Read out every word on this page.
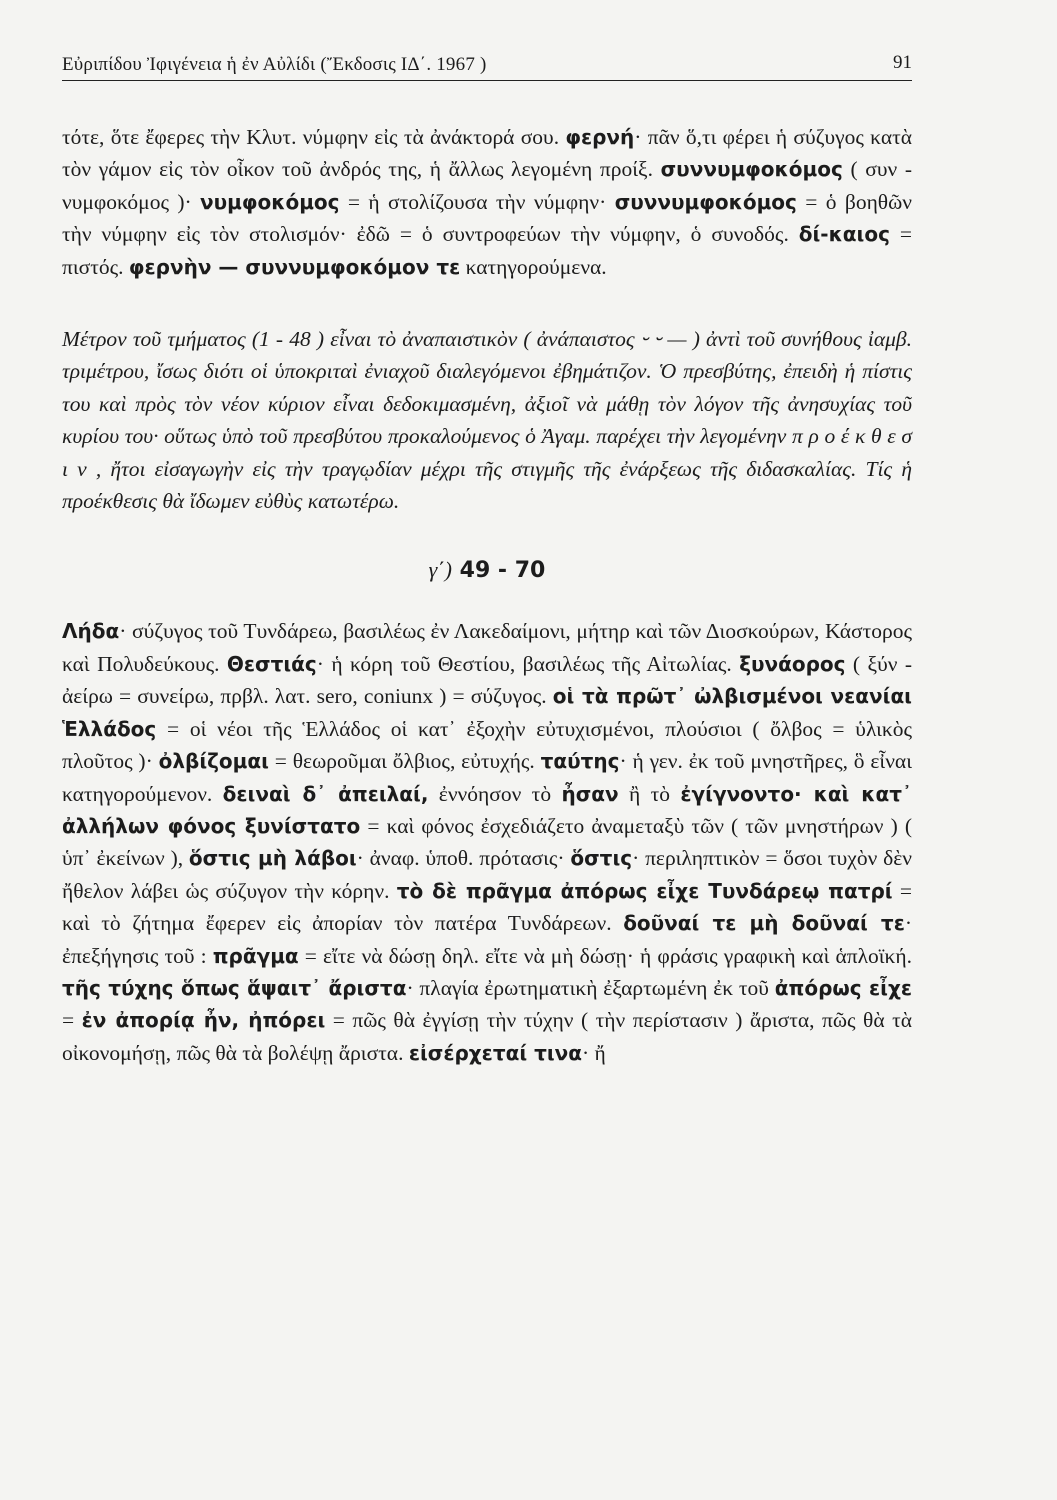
Εὐριπίδου Ἰφιγένεια ἡ ἐν Αὐλίδι (Ἔκδοσις ΙΔ΄. 1967 )	91

τότε, ὅτε ἔφερες τὴν Κλυτ. νύμφην εἰς τὰ ἀνάκτορά σου. φερνή· πᾶν ὅ,τι φέρει ἡ σύζυγος κατὰ τὸν γάμον εἰς τὸν οἶκον τοῦ ἀνδρός της, ἡ ἄλλως λεγομένη προίξ. συννυμφοκόμος ( συν - νυμφοκόμος )· νυμφοκόμος = ἡ στολίζουσα τὴν νύμφην· συννυμφοκόμος = ὁ βοηθῶν τὴν νύμφην εἰς τὸν στολισμόν· ἐδῶ = ὁ συντροφεύων τὴν νύμφην, ὁ συνοδός. δί-καιος = πιστός. φερνὴν — συννυμφοκόμον τε κατηγορούμενα.

Μέτρον τοῦ τμήματος (1 - 48 ) εἶναι τὸ ἀναπαιστικὸν ( ἀνάπαιστος ⏑ ⏑ — ) ἀντὶ τοῦ συνήθους ἰαμβ. τριμέτρου, ἴσως διότι οἱ ὑποκριταὶ ἐνιαχοῦ διαλεγόμενοι ἐβημάτιζον. Ὁ πρεσβύτης, ἐπειδὴ ἡ πίστις του καὶ πρὸς τὸν νέον κύριον εἶναι δεδοκιμασμένη, ἀξιοῖ νὰ μάθῃ τὸν λόγον τῆς ἀνησυχίας τοῦ κυρίου του· οὕτως ὑπὸ τοῦ πρεσβύτου προκαλούμενος ὁ Ἀγαμ. παρέχει τὴν λεγομένην π ρ ο έ κ θ ε σ ι ν , ἤτοι εἰσαγωγὴν εἰς τὴν τραγῳδίαν μέχρι τῆς στιγμῆς τῆς ἐνάρξεως τῆς διδασκαλίας. Τίς ἡ προέκθεσις θὰ ἴδωμεν εὐθὺς κατωτέρω.

γ΄) 49 - 70

Λήδα· σύζυγος τοῦ Τυνδάρεω, βασιλέως ἐν Λακεδαίμονι, μήτηρ καὶ τῶν Διοσκούρων, Κάστορος καὶ Πολυδεύκους. Θεστιάς· ἡ κόρη τοῦ Θεστίου, βασιλέως τῆς Αἰτωλίας. ξυνάορος ( ξύν - ἀείρω = συνείρω, πρβλ. λατ. sero, coniunx ) = σύζυγος. οἱ τὰ πρῶτ᾽ ὠλβισμένοι νεανίαι Ἑλλάδος = οἱ νέοι τῆς Ἑλλάδος οἱ κατ᾽ ἐξοχὴν εὐτυχισμένοι, πλούσιοι ( ὄλβος = ὑλικὸς πλοῦτος )· ὀλβίζομαι = θεωροῦμαι ὄλβιος, εὐτυχής. ταύτης· ἡ γεν. ἐκ τοῦ μνηστῆρες, ὃ εἶναι κατηγορούμενον. δειναὶ δ᾽ ἀπειλαί, ἐννόησον τὸ ἦσαν ἢ τὸ ἐγίγνοντο· καὶ κατ᾽ ἀλλήλων φόνος ξυνίστατο = καὶ φόνος ἐσχεδιάζετο ἀναμεταξὺ τῶν ( τῶν μνηστήρων ) ( ὑπ᾽ ἐκείνων ), ὅστις μὴ λάβοι· ἀναφ. ὑποθ. πρότασις· ὅστις· περιληπτικὸν = ὅσοι τυχὸν δὲν ἤθελον λάβει ὡς σύζυγον τὴν κόρην. τὸ δὲ πρᾶγμα ἀπόρως εἶχε Τυνδάρεῳ πατρί = καὶ τὸ ζήτημα ἔφερεν εἰς ἀπορίαν τὸν πατέρα Τυνδάρεων. δοῦναί τε μὴ δοῦναί τε· ἐπεξήγησις τοῦ : πρᾶγμα = εἴτε νὰ δώσῃ δηλ. εἴτε νὰ μὴ δώσῃ· ἡ φράσις γραφικὴ καὶ ἁπλοϊκή. τῆς τύχης ὅπως ἅψαιτ᾽ ἄριστα· πλαγία ἐρωτηματικὴ ἐξαρτωμένη ἐκ τοῦ ἀπόρως εἶχε = ἐν ἀπορίᾳ ἦν, ἠπόρει = πῶς θὰ ἐγγίσῃ τὴν τύχην ( τὴν περίστασιν ) ἄριστα, πῶς θὰ τὰ οἰκονομήσῃ, πῶς θὰ τὰ βολέψῃ ἄριστα. εἰσέρχεταί τινα· ἤ
